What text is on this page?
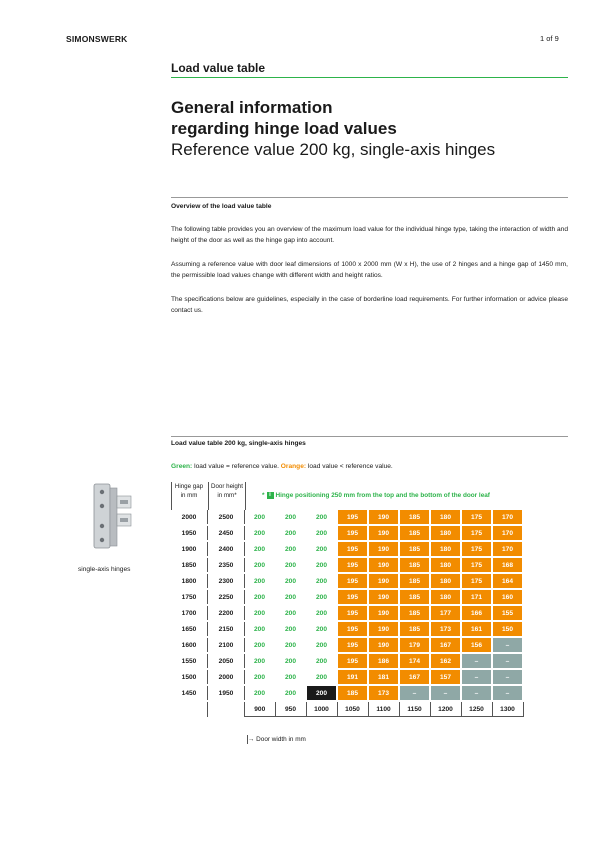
SIMONSWERK	1 of 9
Load value table
General information
regarding hinge load values
Reference value 200 kg, single-axis hinges
Overview of the load value table
The following table provides you an overview of the maximum load value for the individual hinge type, taking the interaction of width and height of the door as well as the hinge gap into account.
Assuming a reference value with door leaf dimensions of 1000 x 2000 mm (W x H), the use of 2 hinges and a hinge gap of 1450 mm, the permissible load values change with different width and height ratios.
The specifications below are guidelines, especially in the case of borderline load requirements. For further information or advice please contact us.
Load value table 200 kg, single-axis hinges
Green: load value = reference value. Orange: load value < reference value.
single-axis hinges
Hinge gap
in mm
Door height
in mm*	* i Hinge positioning 250 mm from the top and the bottom of the door leaf
2000	2500	200	200	200	195	190	185	180	175	170
1950	2450	200	200	200	195	190	185	180	175	170
1900	2400	200	200	200	195	190	185	180	175	170
1850	2350	200	200	200	195	190	185	180	175	168
1800	2300	200	200	200	195	190	185	180	175	164
1750	2250	200	200	200	195	190	185	180	171	160
1700	2200	200	200	200	195	190	185	177	166	155
1650	2150	200	200	200	195	190	185	173	161	150
1600	2100	200	200	200	195	190	179	167	156	–
1550	2050	200	200	200	195	186	174	162	–	–
1500	2000	200	200	200	191	181	167	157	–	–
1450	1950	200	200	200	185	173	–	–	–	–
		900	950	1000	1050	1100	1150	1200	1250	1300
→ Door width in mm
